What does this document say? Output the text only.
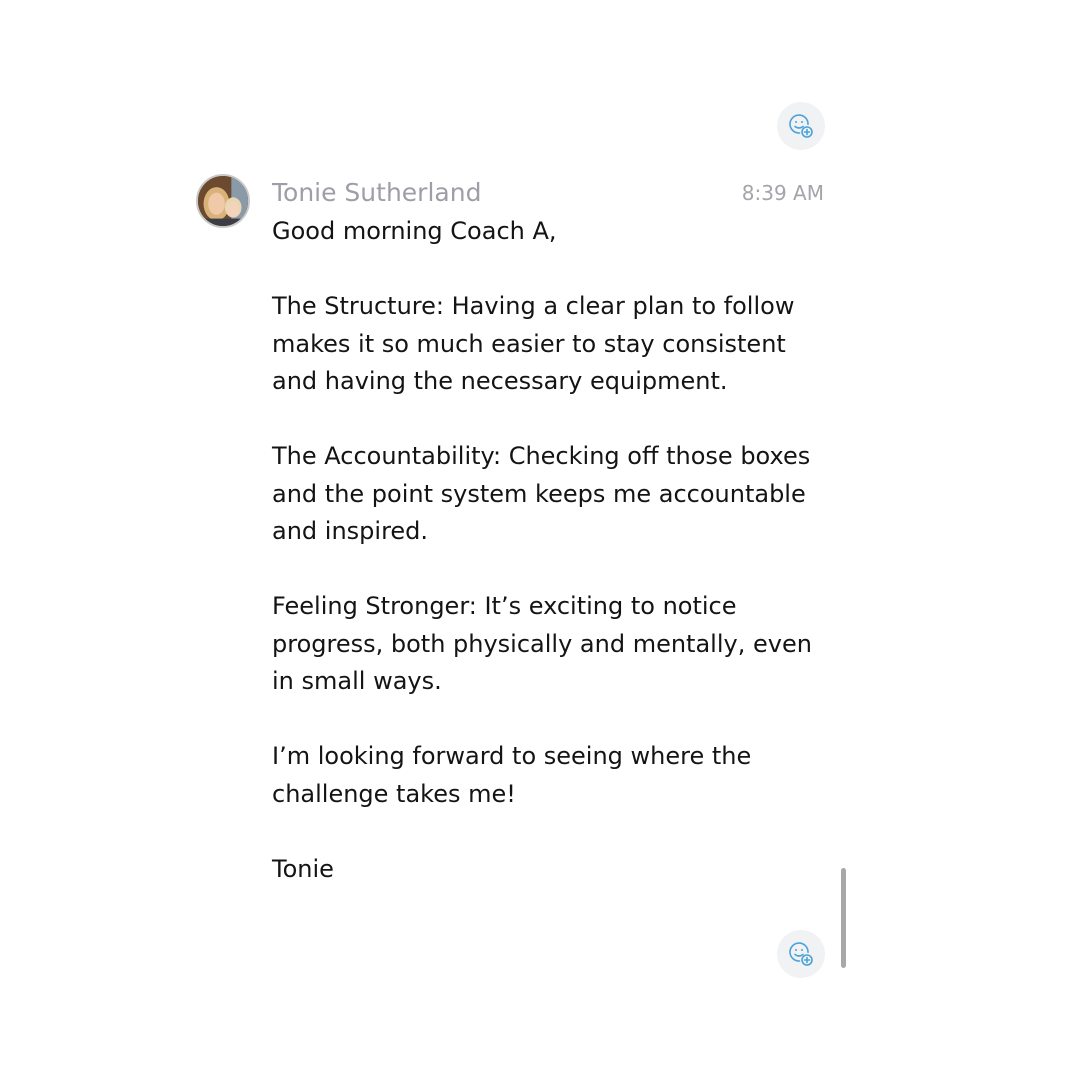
Tonie Sutherland	8:39 AM

Good morning Coach A,

The Structure: Having a clear plan to follow makes it so much easier to stay consistent and having the necessary equipment.

The Accountability: Checking off those boxes and the point system keeps me accountable and inspired.

Feeling Stronger: It’s exciting to notice progress, both physically and mentally, even in small ways.

I’m looking forward to seeing where the challenge takes me!

Tonie
